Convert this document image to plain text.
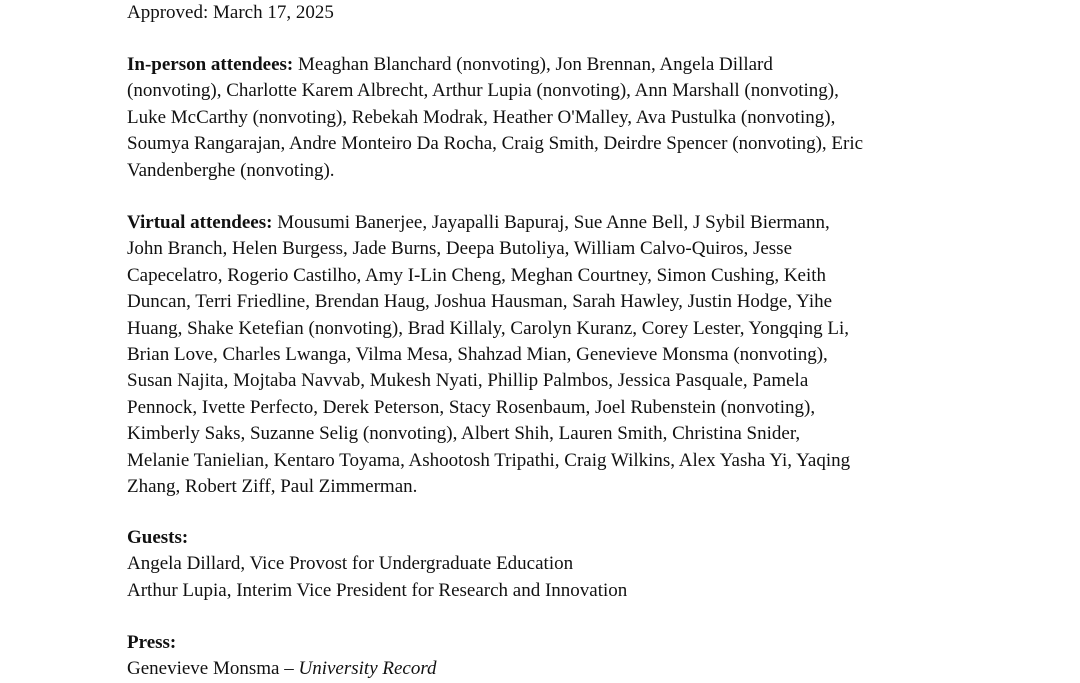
Approved: March 17, 2025
In-person attendees: Meaghan Blanchard (nonvoting), Jon Brennan, Angela Dillard
(nonvoting), Charlotte Karem Albrecht, Arthur Lupia (nonvoting), Ann Marshall (nonvoting),
Luke McCarthy (nonvoting), Rebekah Modrak, Heather O'Malley, Ava Pustulka (nonvoting),
Soumya Rangarajan, Andre Monteiro Da Rocha, Craig Smith, Deirdre Spencer (nonvoting), Eric
Vandenberghe (nonvoting).
Virtual attendees: Mousumi Banerjee, Jayapalli Bapuraj, Sue Anne Bell, J Sybil Biermann,
John Branch, Helen Burgess, Jade Burns, Deepa Butoliya, William Calvo-Quiros, Jesse
Capecelatro, Rogerio Castilho, Amy I-Lin Cheng, Meghan Courtney, Simon Cushing, Keith
Duncan, Terri Friedline, Brendan Haug, Joshua Hausman, Sarah Hawley, Justin Hodge, Yihe
Huang, Shake Ketefian (nonvoting), Brad Killaly, Carolyn Kuranz, Corey Lester, Yongqing Li,
Brian Love, Charles Lwanga, Vilma Mesa, Shahzad Mian, Genevieve Monsma (nonvoting),
Susan Najita, Mojtaba Navvab, Mukesh Nyati, Phillip Palmbos, Jessica Pasquale, Pamela
Pennock, Ivette Perfecto, Derek Peterson, Stacy Rosenbaum, Joel Rubenstein (nonvoting),
Kimberly Saks, Suzanne Selig (nonvoting), Albert Shih, Lauren Smith, Christina Snider,
Melanie Tanielian, Kentaro Toyama, Ashootosh Tripathi, Craig Wilkins, Alex Yasha Yi, Yaqing
Zhang, Robert Ziff, Paul Zimmerman.
Guests:
Angela Dillard, Vice Provost for Undergraduate Education
Arthur Lupia, Interim Vice President for Research and Innovation
Press:
Genevieve Monsma – University Record
